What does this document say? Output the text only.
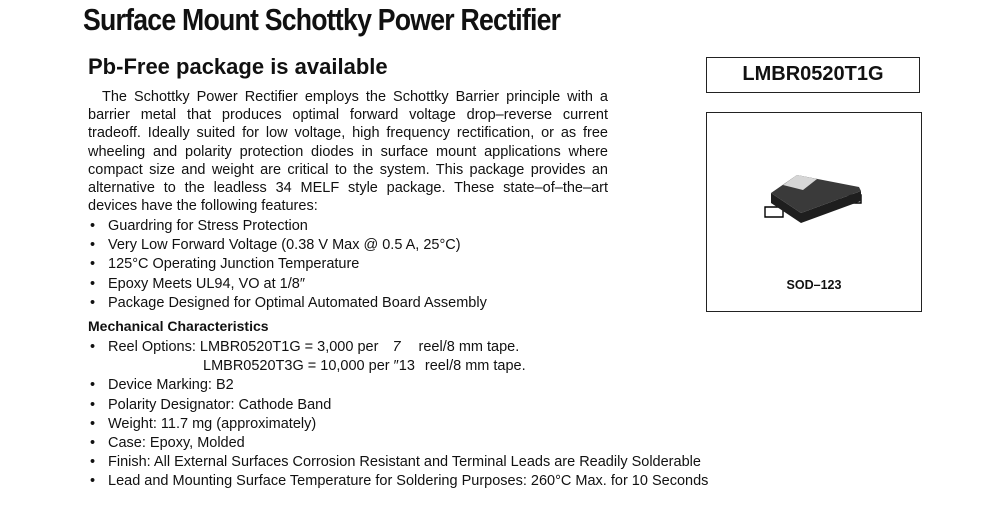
Surface Mount Schottky Power Rectifier
Pb-Free package is available

The Schottky Power Rectifier employs the Schottky Barrier principle with a barrier metal that produces optimal forward voltage drop–reverse current tradeoff. Ideally suited for low voltage, high frequency rectification, or as free wheeling and polarity protection diodes in surface mount applications where compact size and weight are critical to the system. This package provides an alternative to the leadless 34 MELF style package. These state–of–the–art devices have the following features:

• Guardring for Stress Protection
• Very Low Forward Voltage (0.38 V Max @ 0.5 A, 25°C)
• 125°C Operating Junction Temperature
• Epoxy Meets UL94, VO at 1/8″
• Package Designed for Optimal Automated Board Assembly
Mechanical Characteristics
• Reel Options: LMBR0520T1G = 3,000 per 7 reel/8 mm tape.
LMBR0520T3G = 10,000 per ″13 reel/8 mm tape.
• Device Marking: B2
• Polarity Designator: Cathode Band
• Weight: 11.7 mg (approximately)
• Case: Epoxy, Molded
• Finish: All External Surfaces Corrosion Resistant and Terminal Leads are Readily Solderable
• Lead and Mounting Surface Temperature for Soldering Purposes: 260°C Max. for 10 Seconds
LMBR0520T1G

SOD–123
